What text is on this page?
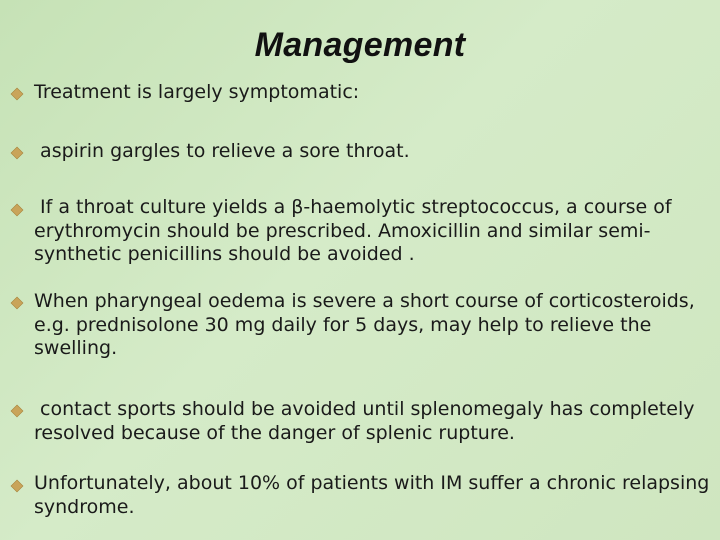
Management
Treatment is largely symptomatic:
aspirin gargles to relieve a sore throat.
If a throat culture yields a β-haemolytic streptococcus, a course of erythromycin should be prescribed. Amoxicillin and similar semi-synthetic penicillins should be avoided .
When pharyngeal oedema is severe a short course of corticosteroids, e.g. prednisolone 30 mg daily for 5 days, may help to relieve the swelling.
contact sports should be avoided until splenomegaly has completely resolved because of the danger of splenic rupture.
Unfortunately, about 10% of patients with IM suffer a chronic relapsing syndrome.
